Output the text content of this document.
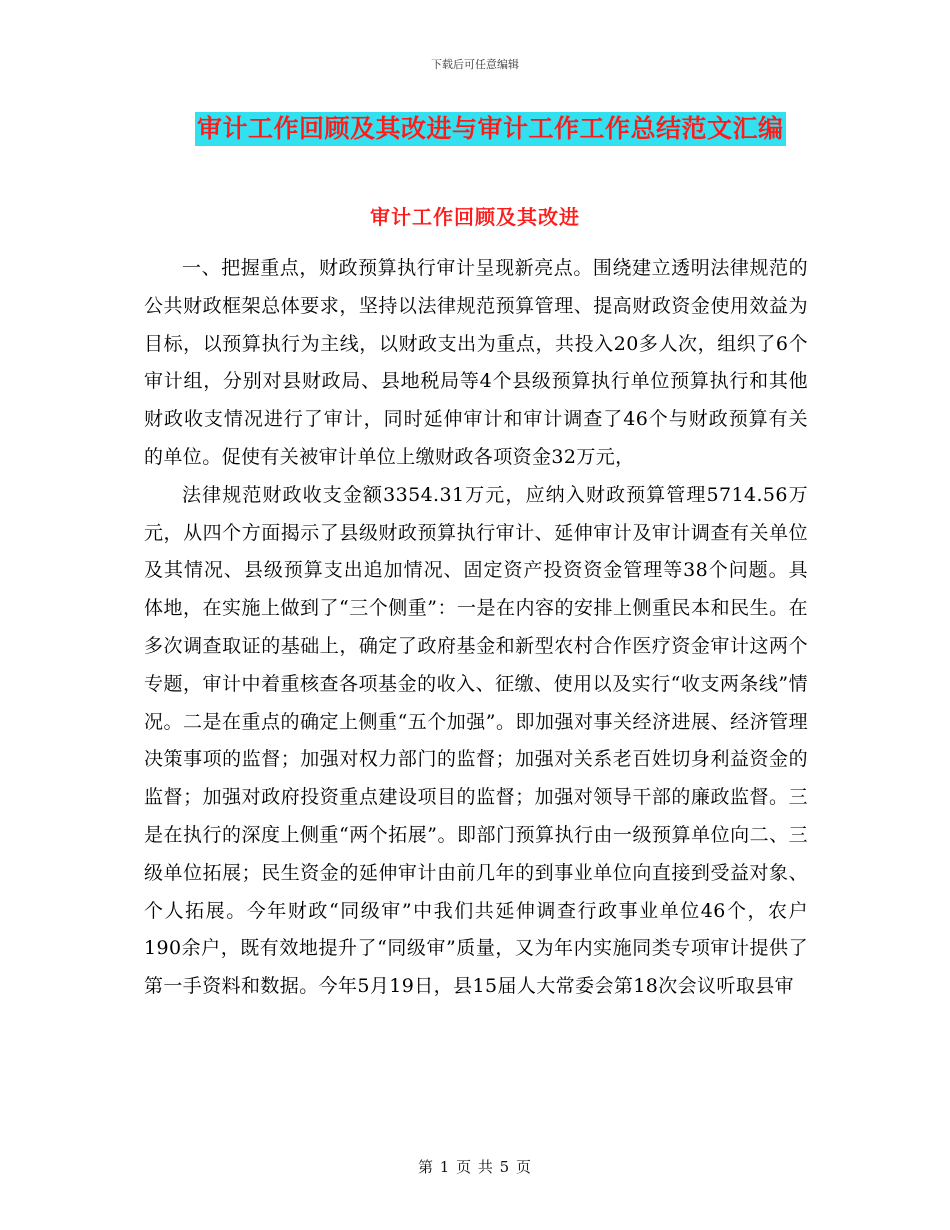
下载后可任意编辑
审计工作回顾及其改进与审计工作工作总结范文汇编
审计工作回顾及其改进

一、把握重点，财政预算执行审计呈现新亮点。围绕建立透明法律规范的公共财政框架总体要求，坚持以法律规范预算管理、提高财政资金使用效益为目标，以预算执行为主线，以财政支出为重点，共投入20多人次，组织了6个审计组，分别对县财政局、县地税局等4个县级预算执行单位预算执行和其他财政收支情况进行了审计，同时延伸审计和审计调查了46个与财政预算有关的单位。促使有关被审计单位上缴财政各项资金32万元，

法律规范财政收支金额3354.31万元，应纳入财政预算管理5714.56万元，从四个方面揭示了县级财政预算执行审计、延伸审计及审计调查有关单位及其情况、县级预算支出追加情况、固定资产投资资金管理等38个问题。具体地，在实施上做到了“三个侧重”：一是在内容的安排上侧重民本和民生。在多次调查取证的基础上，确定了政府基金和新型农村合作医疗资金审计这两个专题，审计中着重核查各项基金的收入、征缴、使用以及实行“收支两条线”情况。二是在重点的确定上侧重“五个加强”。即加强对事关经济进展、经济管理决策事项的监督；加强对权力部门的监督；加强对关系老百姓切身利益资金的监督；加强对政府投资重点建设项目的监督；加强对领导干部的廉政监督。三是在执行的深度上侧重“两个拓展”。即部门预算执行由一级预算单位向二、三级单位拓展；民生资金的延伸审计由前几年的到事业单位向直接到受益对象、个人拓展。今年财政“同级审”中我们共延伸调查行政事业单位46个，农户190余户，既有效地提升了“同级审”质量，又为年内实施同类专项审计提供了第一手资料和数据。今年5月19日，县15届人大常委会第18次会议听取县审

第 1 页 共 5 页
